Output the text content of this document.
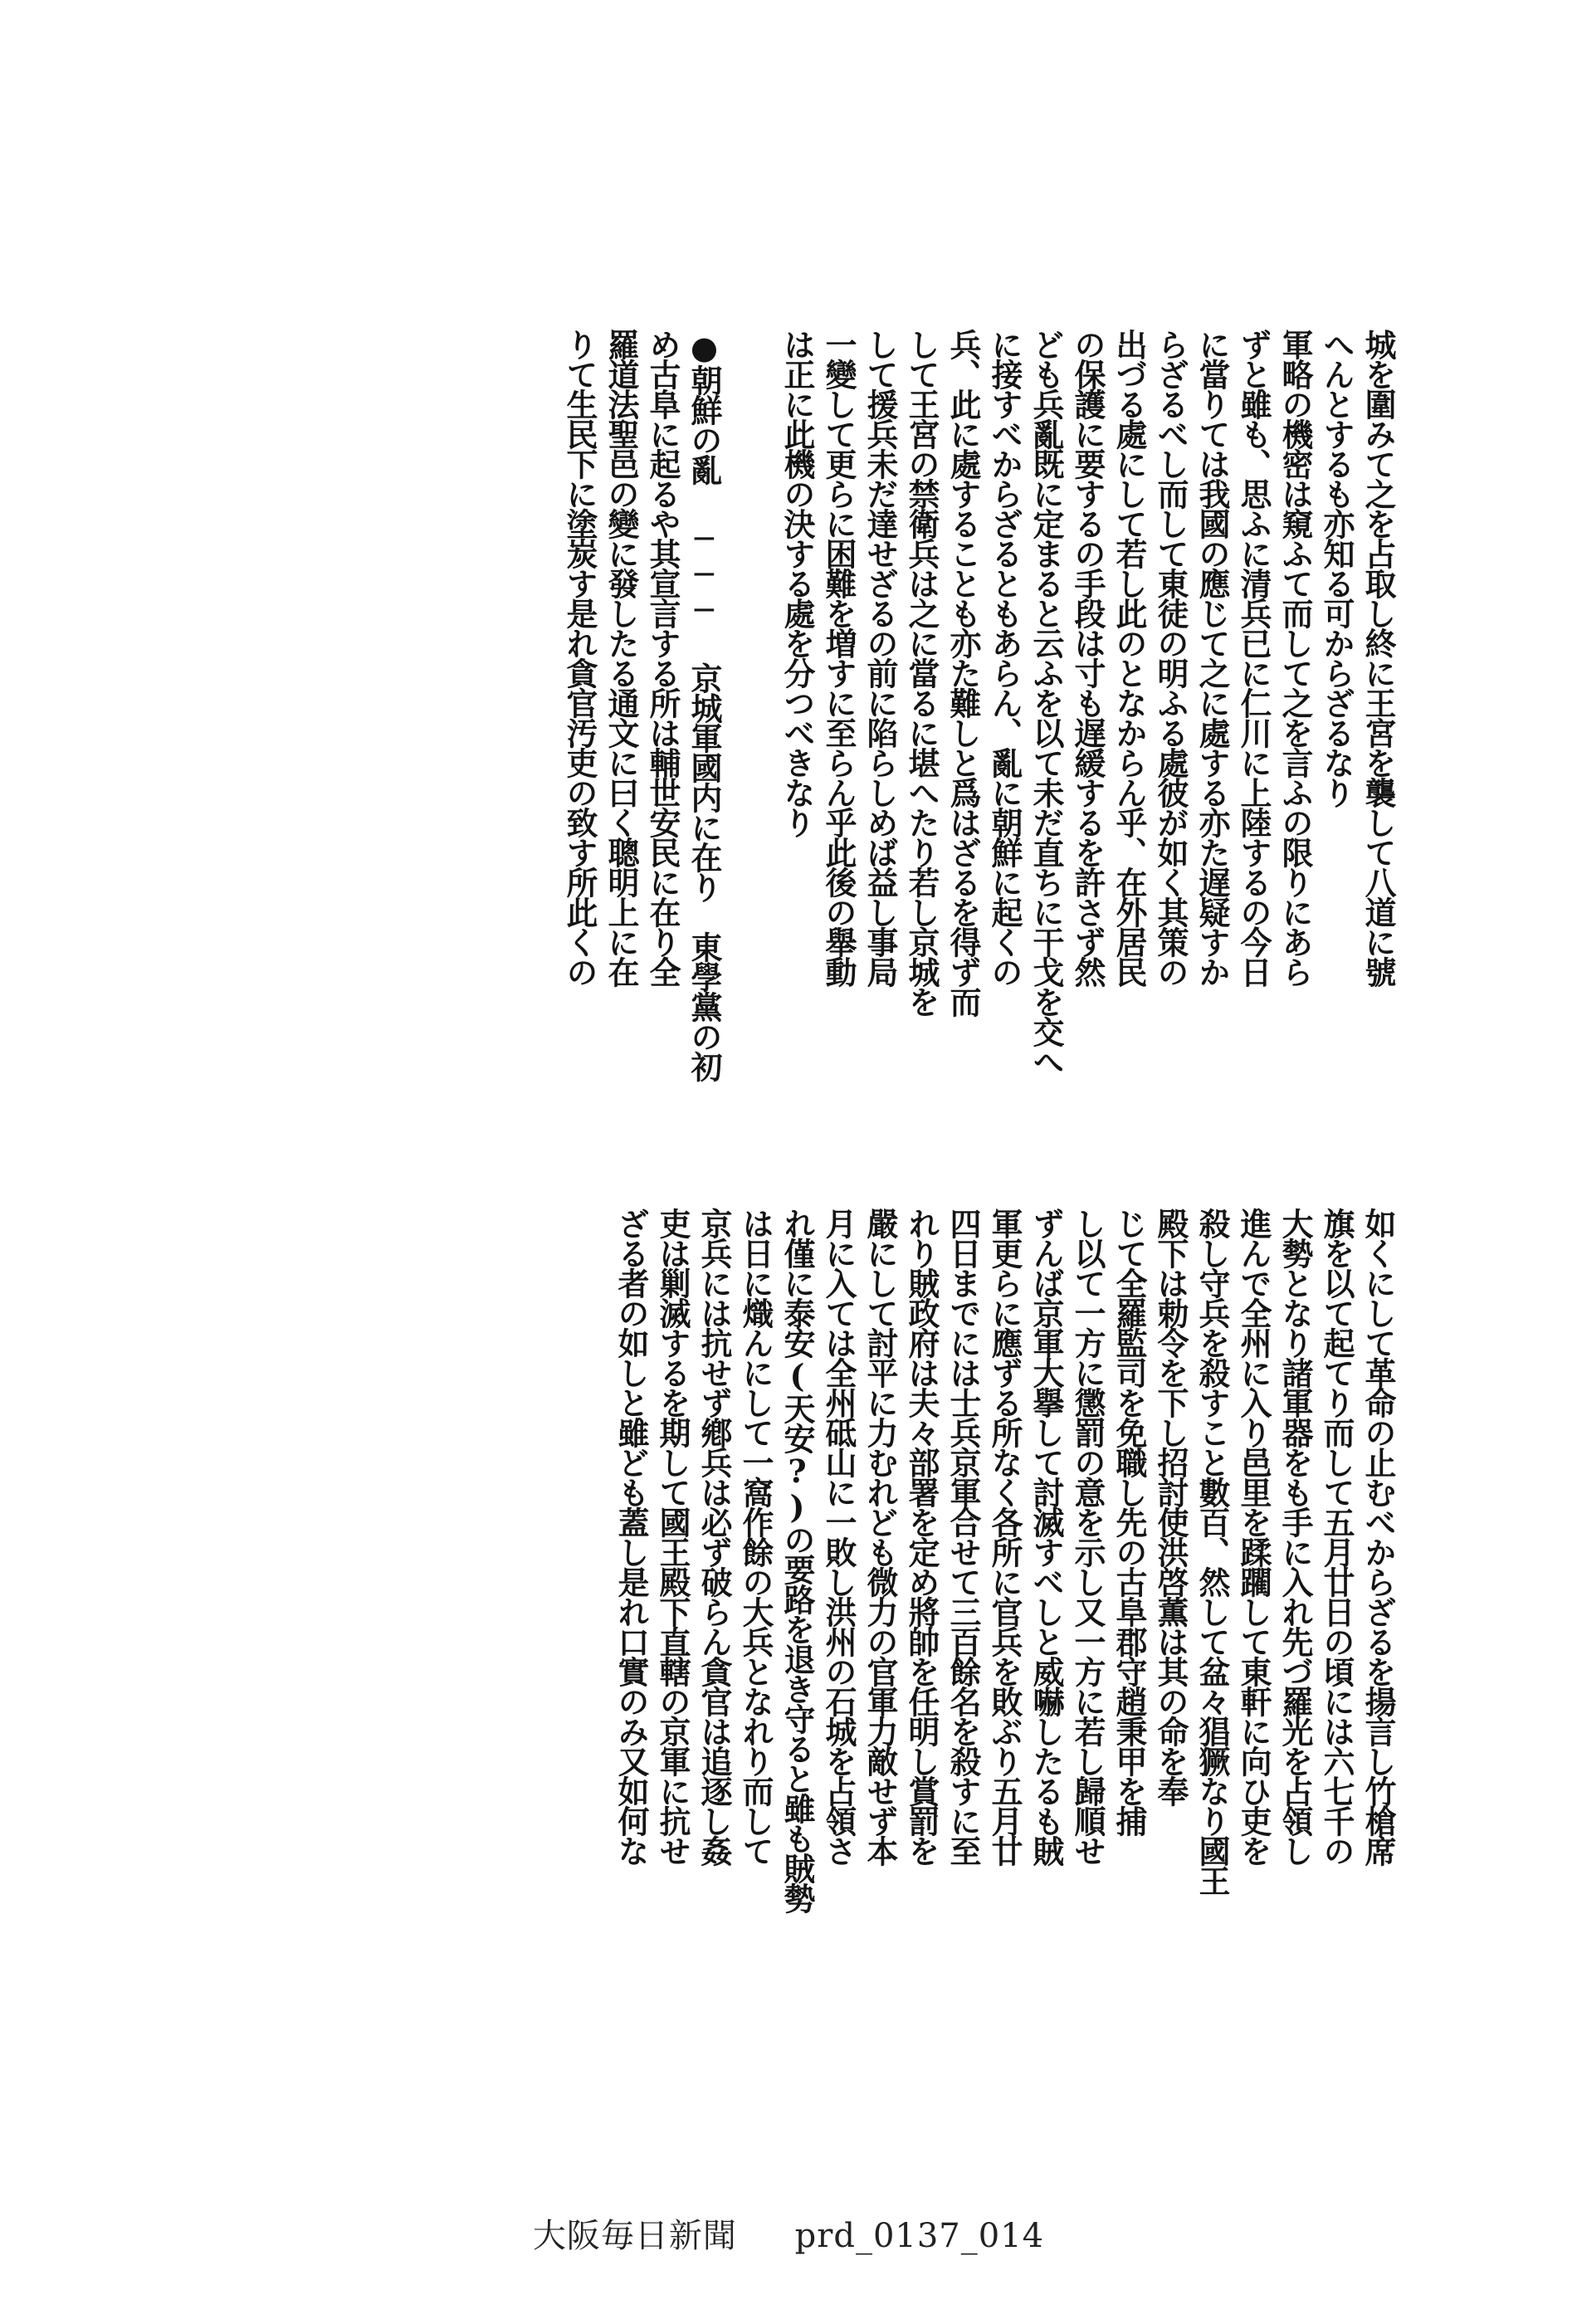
城を圍みて之を占取し終に王宮を襲して八道に號
へんとするも亦知る可からざるなり
軍略の機密は窺ふて而して之を言ふの限りにあら
ずと雖も、思ふに清兵已に仁川に上陸するの今日
に當りては我國の應じて之に處する亦た遅疑すか
らざるべし而して東徒の明ふる處彼が如く其策の
出づる處にして若し此のとなからん乎、在外居民
の保護に要するの手段は寸も遅緩するを許さず然
ども兵亂既に定まると云ふを以て未だ直ちに干戈を交へ
に接すべからざるともあらん、亂に朝鮮に起くの
兵、此に處することも亦た難しと爲はざるを得ず而
して王宮の禁衛兵は之に當るに堪へたり若し京城を
して援兵未だ達せざるの前に陷らしめば益し事局
一變して更らに困難を増すに至らん乎此後の舉動
は正に此機の決する處を分つべきなり
●朝鮮の亂 ─── 京城軍國内に在り　東學黨の初
め古阜に起るや其宣言する所は輔世安民に在り全
羅道法聖邑の變に發したる通文に曰く聰明上に在
りて生民下に塗炭す是れ貪官汚吏の致す所此くの
如くにして革命の止むべからざるを揚言し竹槍席
旗を以て起てり而して五月廿日の頃には六七千の
大勢となり諸軍器をも手に入れ先づ羅光を占領し
進んで全州に入り邑里を蹂躙して東軒に向ひ吏を
殺し守兵を殺すこと數百、然して盆々猖獗なり國王
殿下は勅令を下し招討使洪啓薫は其の命を奉
じて全羅監司を免職し先の古阜郡守趙秉甲を捕
し以て一方に懲罰の意を示し又一方に若し歸順せ
ずんば京軍大擧して討滅すべしと威嚇したるも賊
軍更らに應ずる所なく各所に官兵を敗ぶり五月廿
四日までには士兵京軍合せて三百餘名を殺すに至
れり賊政府は夫々部署を定め將帥を任明し賞罰を
嚴にして討平に力むれども微力の官軍力敵せず本
月に入ては全州砥山に一敗し洪州の石城を占領さ
れ僅に泰安(天安?)の要路を退き守ると雖も賊勢
は日に熾んにして一窩作餘の大兵となれり而して
京兵には抗せず鄕兵は必ず破らん貪官は追逐し姦
吏は剿滅するを期して國王殿下直轄の京軍に抗せ
ざる者の如しと雖ども蓋し是れ口實のみ又如何な
大阪毎日新聞 prd_0137_014
